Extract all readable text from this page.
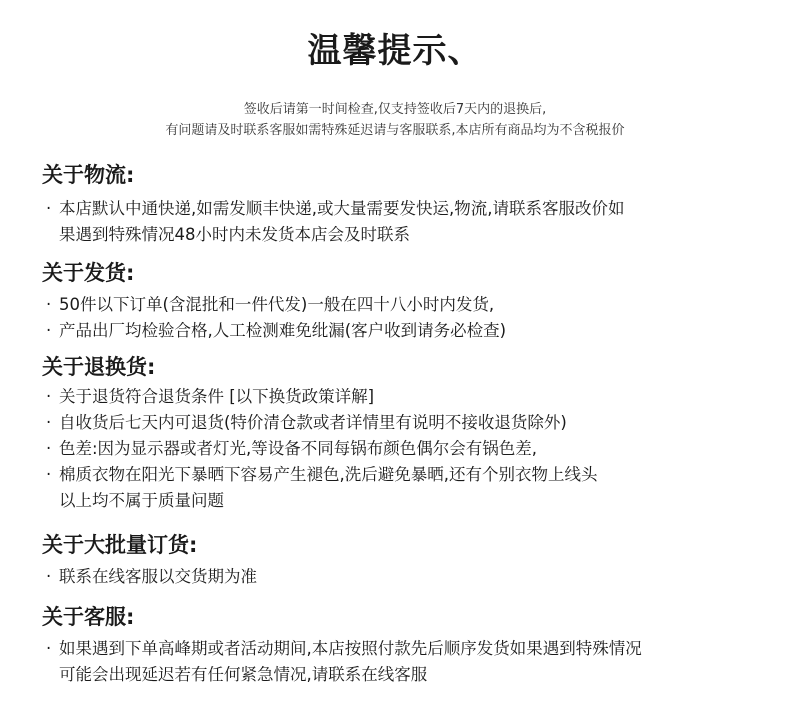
温馨提示、
签收后请第一时间检查,仅支持签收后7天内的退换后,
有问题请及时联系客服如需特殊延迟请与客服联系,本店所有商品均为不含税报价
关于物流:
· 本店默认中通快递,如需发顺丰快递,或大量需要发快运,物流,请联系客服改价如
果遇到特殊情况48小时内未发货本店会及时联系
关于发货:
· 50件以下订单(含混批和一件代发)一般在四十八小时内发货,
· 产品出厂均检验合格,人工检测难免纰漏(客户收到请务必检查)
关于退换货:
· 关于退货符合退货条件 [以下换货政策详解]
· 自收货后七天内可退货(特价清仓款或者详情里有说明不接收退货除外)
· 色差:因为显示器或者灯光,等设备不同每锅布颜色偶尔会有锅色差,
· 棉质衣物在阳光下暴晒下容易产生褪色,洗后避免暴晒,还有个别衣物上线头
以上均不属于质量问题
关于大批量订货:
· 联系在线客服以交货期为准
关于客服:
· 如果遇到下单高峰期或者活动期间,本店按照付款先后顺序发货如果遇到特殊情况
可能会出现延迟若有任何紧急情况,请联系在线客服
